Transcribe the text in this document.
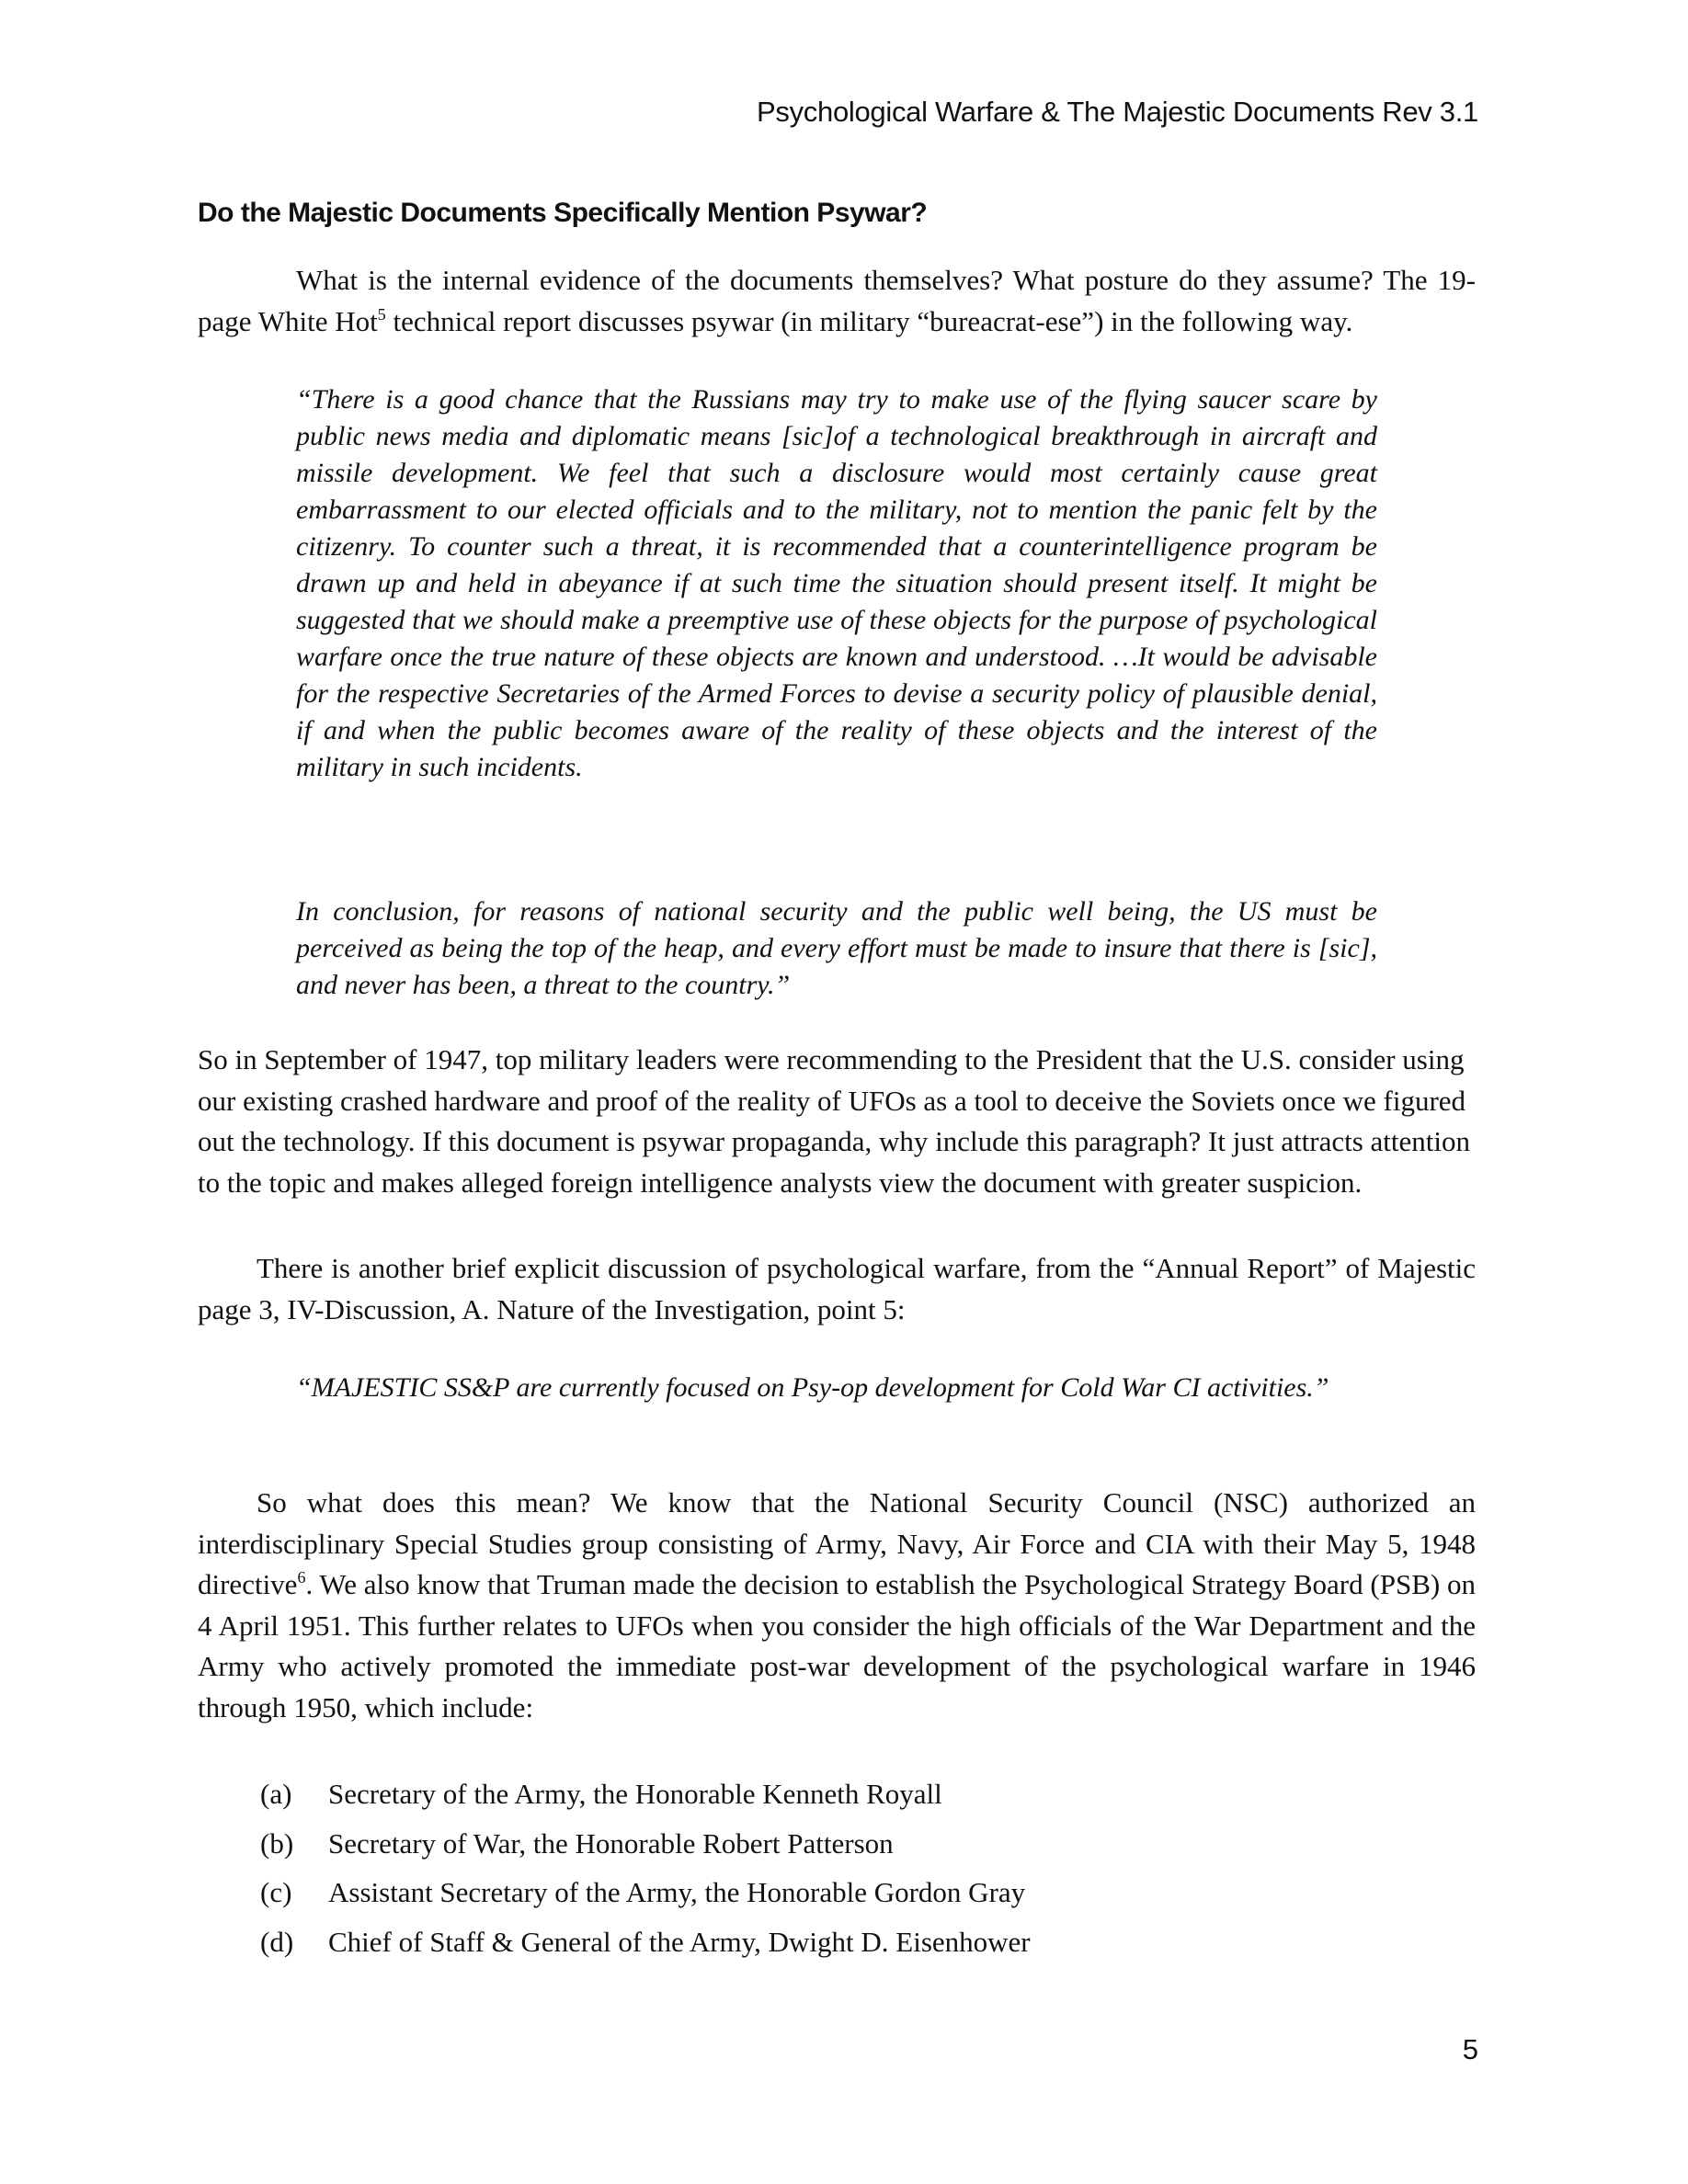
Psychological Warfare & The Majestic Documents Rev 3.1
Do the Majestic Documents Specifically Mention Psywar?

What is the internal evidence of the documents themselves? What posture do they assume? The 19-page White Hot$^5$ technical report discusses psywar (in military “bureacrat-ese”) in the following way.

“There is a good chance that the Russians may try to make use of the flying saucer scare by public news media and diplomatic means [sic]of a technological breakthrough in aircraft and missile development. We feel that such a disclosure would most certainly cause great embarrassment to our elected officials and to the military, not to mention the panic felt by the citizenry. To counter such a threat, it is recommended that a counterintelligence program be drawn up and held in abeyance if at such time the situation should present itself. It might be suggested that we should make a preemptive use of these objects for the purpose of psychological warfare once the true nature of these objects are known and understood. …It would be advisable for the respective Secretaries of the Armed Forces to devise a security policy of plausible denial, if and when the public becomes aware of the reality of these objects and the interest of the military in such incidents.

In conclusion, for reasons of national security and the public well being, the US must be perceived as being the top of the heap, and every effort must be made to insure that there is [sic], and never has been, a threat to the country.”

So in September of 1947, top military leaders were recommending to the President that the U.S. consider using our existing crashed hardware and proof of the reality of UFOs as a tool to deceive the Soviets once we figured out the technology. If this document is psywar propaganda, why include this paragraph? It just attracts attention to the topic and makes alleged foreign intelligence analysts view the document with greater suspicion.

There is another brief explicit discussion of psychological warfare, from the “Annual Report” of Majestic page 3, IV-Discussion, A. Nature of the Investigation, point 5:

“MAJESTIC SS&P are currently focused on Psy-op development for Cold War CI activities.”

So what does this mean? We know that the National Security Council (NSC) authorized an interdisciplinary Special Studies group consisting of Army, Navy, Air Force and CIA with their May 5, 1948 directive$^6$. We also know that Truman made the decision to establish the Psychological Strategy Board (PSB) on 4 April 1951. This further relates to UFOs when you consider the high officials of the War Department and the Army who actively promoted the immediate post-war development of the psychological warfare in 1946 through 1950, which include:

(a) Secretary of the Army, the Honorable Kenneth Royall
(b) Secretary of War, the Honorable Robert Patterson
(c) Assistant Secretary of the Army, the Honorable Gordon Gray
(d) Chief of Staff & General of the Army, Dwight D. Eisenhower
5
